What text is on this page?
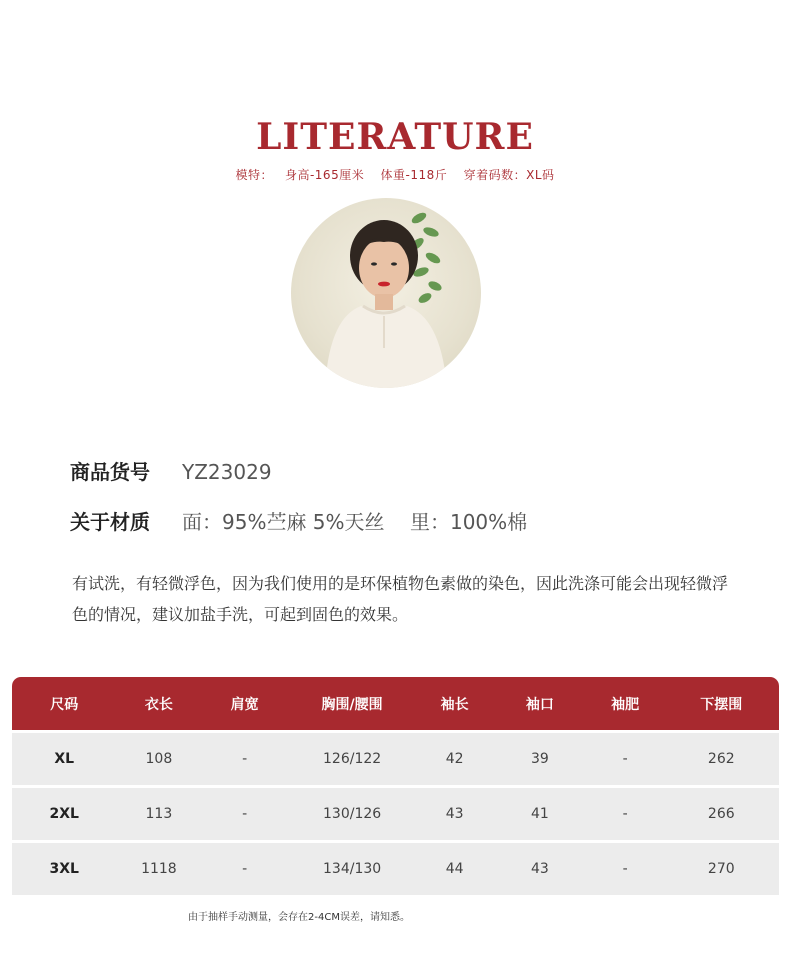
LITERATURE
模特： 身高-165厘米 体重-118斤 穿着码数：XL码
商品货号 YZ23029
关于材质 面：95%苎麻 5%天丝    里：100%棉
有试洗，有轻微浮色，因为我们使用的是环保植物色素做的染色，因此洗涤可能会出现轻微浮色的情况，建议加盐手洗，可起到固色的效果。
尺码	衣长	肩宽	胸围/腰围	袖长	袖口	袖肥	下摆围
XL	108	-	126/122	42	39	-	262
2XL	113	-	130/126	43	41	-	266
3XL	1118	-	134/130	44	43	-	270
由于抽样手动测量，会存在2-4CM误差，请知悉。
